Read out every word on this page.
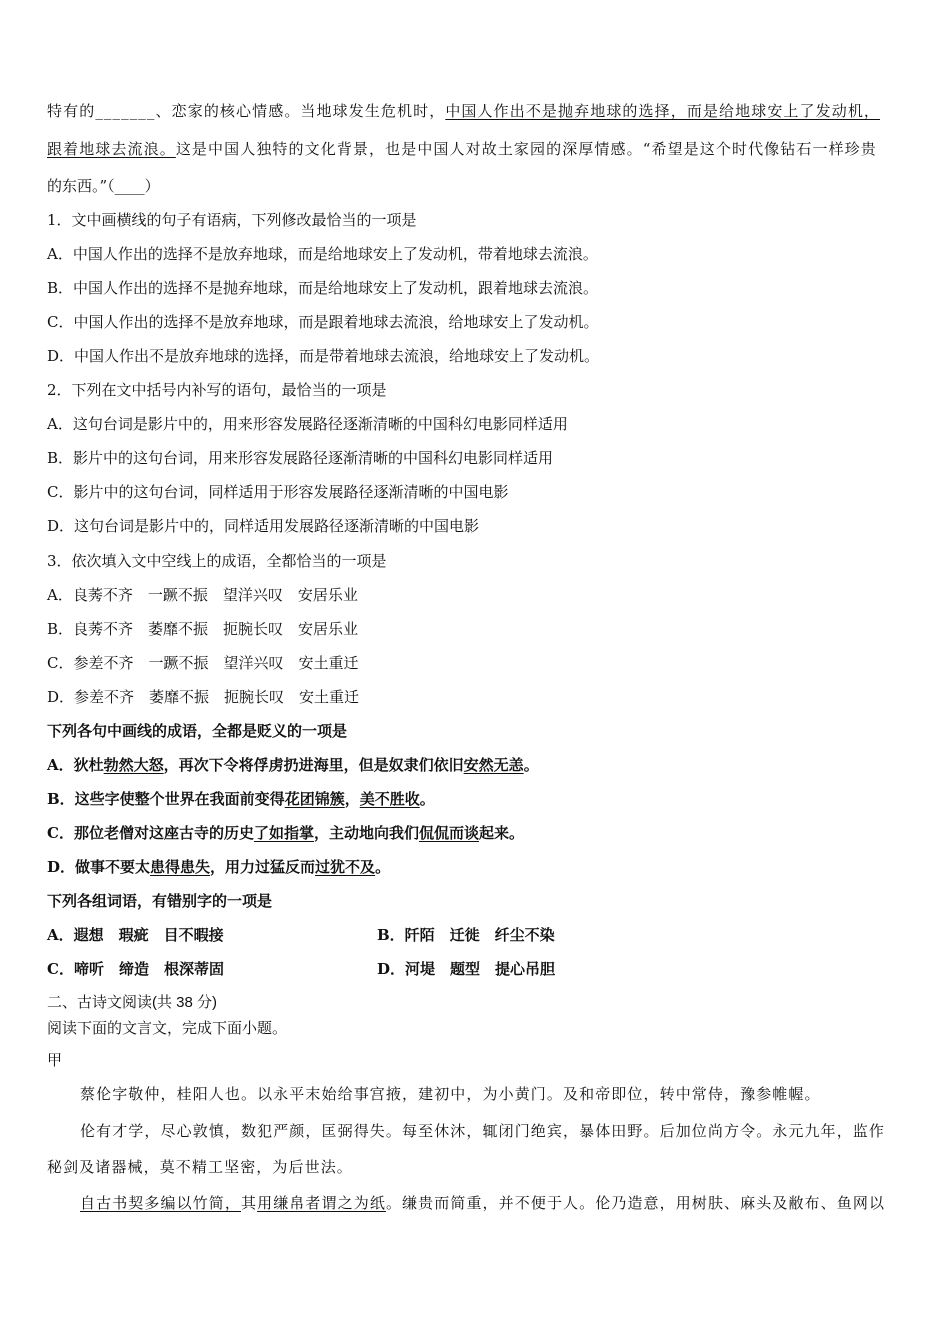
特有的_______、恋家的核心情感。当地球发生危机时，中国人作出不是抛弃地球的选择，而是给地球安上了发动机，
跟着地球去流浪。这是中国人独特的文化背景，也是中国人对故土家园的深厚情感。“希望是这个时代像钻石一样珍贵
的东西。”（____）
1．文中画横线的句子有语病，下列修改最恰当的一项是
A．中国人作出的选择不是放弃地球，而是给地球安上了发动机，带着地球去流浪。
B．中国人作出的选择不是抛弃地球，而是给地球安上了发动机，跟着地球去流浪。
C．中国人作出的选择不是放弃地球，而是跟着地球去流浪，给地球安上了发动机。
D．中国人作出不是放弃地球的选择，而是带着地球去流浪，给地球安上了发动机。
2．下列在文中括号内补写的语句，最恰当的一项是
A．这句台词是影片中的，用来形容发展路径逐渐清晰的中国科幻电影同样适用
B．影片中的这句台词，用来形容发展路径逐渐清晰的中国科幻电影同样适用
C．影片中的这句台词，同样适用于形容发展路径逐渐清晰的中国电影
D．这句台词是影片中的，同样适用发展路径逐渐清晰的中国电影
3．依次填入文中空线上的成语，全都恰当的一项是
A．良莠不齐　一蹶不振　望洋兴叹　安居乐业
B．良莠不齐　萎靡不振　扼腕长叹　安居乐业
C．参差不齐　一蹶不振　望洋兴叹　安土重迁
D．参差不齐　萎靡不振　扼腕长叹　安土重迁
下列各句中画线的成语，全都是贬义的一项是
A．狄杜勃然大怒，再次下令将俘虏扔进海里，但是奴隶们依旧安然无恙。
B．这些字使整个世界在我面前变得花团锦簇，美不胜收。
C．那位老僧对这座古寺的历史了如指掌，主动地向我们侃侃而谈起来。
D．做事不要太患得患失，用力过猛反而过犹不及。
下列各组词语，有错别字的一项是
A．遐想　瑕疵　目不暇接	B．阡陌　迁徙　纤尘不染
C．啼听　缔造　根深蒂固	D．河堤　题型　提心吊胆
二、古诗文阅读(共 38 分)
阅读下面的文言文，完成下面小题。
甲
蔡伦字敬仲，桂阳人也。以永平末始给事宫掖，建初中，为小黄门。及和帝即位，转中常侍，豫参帷幄。
伦有才学，尽心敦慎，数犯严颜，匡弼得失。每至休沐，辄闭门绝宾，暴体田野。后加位尚方令。永元九年，监作
秘剑及诸器械，莫不精工坚密，为后世法。
自古书契多编以竹简，其用缣帛者谓之为纸。缣贵而简重，并不便于人。伦乃造意，用树肤、麻头及敝布、鱼网以
